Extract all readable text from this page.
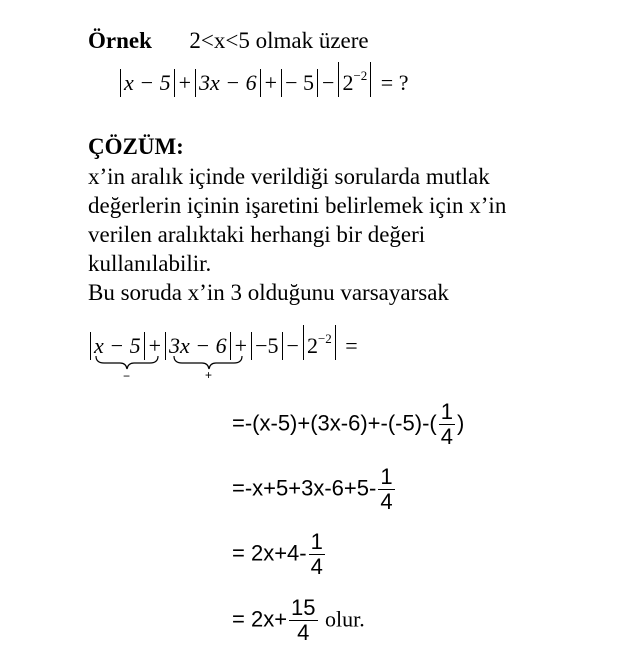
Örnek 2<x<5 olmak üzere
x − 5 + 3x − 6 + − $5 - 2^{-2}$ = ?
ÇÖZÜM:
x’in aralık içinde verildiği sorularda mutlak
değerlerin içinin işaretini belirlemek için x’in
verilen aralıktaki herhangi bir değeri
kullanılabilir.
Bu soruda x’in 3 olduğunu varsayarsak
$x - 5 + 3x - 6 + -5 - 2^{-2}$ =
−	+
$=-(x-5)+(3x-6)+-(-5)-( \frac{1}{4}$ )
$=-x+5+3x-6+5- \frac{1}{4}$
= $2x+4- \frac{1}{4}$
= $2x+ \frac{15}{4}$ olur.
